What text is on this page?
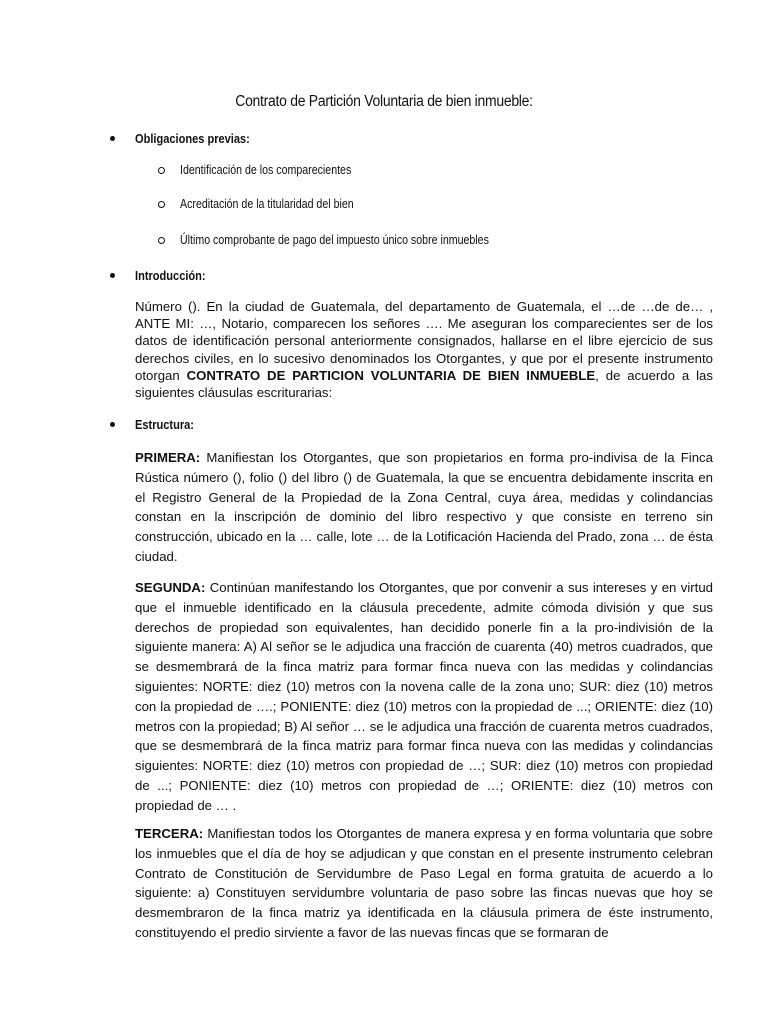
Contrato de Partición Voluntaria de bien inmueble:
Obligaciones previas:
Identificación de los comparecientes
Acreditación de la titularidad del bien
Último comprobante de pago del impuesto único sobre inmuebles
Introducción:
Número (). En la ciudad de Guatemala, del departamento de Guatemala, el …de …de de… , ANTE MI: …, Notario, comparecen los señores …. Me aseguran los comparecientes ser de los datos de identificación personal anteriormente consignados, hallarse en el libre ejercicio de sus derechos civiles, en lo sucesivo denominados los Otorgantes, y que por el presente instrumento otorgan CONTRATO DE PARTICION VOLUNTARIA DE BIEN INMUEBLE, de acuerdo a las siguientes cláusulas escriturarias:
Estructura:
PRIMERA: Manifiestan los Otorgantes, que son propietarios en forma pro-indivisa de la Finca Rústica número (), folio () del libro () de Guatemala, la que se encuentra debidamente inscrita en el Registro General de la Propiedad de la Zona Central, cuya área, medidas y colindancias constan en la inscripción de dominio del libro respectivo y que consiste en terreno sin construcción, ubicado en la … calle, lote … de la Lotificación Hacienda del Prado, zona … de ésta ciudad.
SEGUNDA: Continúan manifestando los Otorgantes, que por convenir a sus intereses y en virtud que el inmueble identificado en la cláusula precedente, admite cómoda división y que sus derechos de propiedad son equivalentes, han decidido ponerle fin a la pro-indivisión de la siguiente manera: A) Al señor se le adjudica una fracción de cuarenta (40) metros cuadrados, que se desmembrará de la finca matriz para formar finca nueva con las medidas y colindancias siguientes: NORTE: diez (10) metros con la novena calle de la zona uno; SUR: diez (10) metros con la propiedad de ….; PONIENTE: diez (10) metros con la propiedad de ...; ORIENTE: diez (10) metros con la propiedad; B) Al señor … se le adjudica una fracción de cuarenta metros cuadrados, que se desmembrará de la finca matriz para formar finca nueva con las medidas y colindancias siguientes: NORTE: diez (10) metros con propiedad de …; SUR: diez (10) metros con propiedad de ...; PONIENTE: diez (10) metros con propiedad de …; ORIENTE: diez (10) metros con propiedad de … .
TERCERA: Manifiestan todos los Otorgantes de manera expresa y en forma voluntaria que sobre los inmuebles que el día de hoy se adjudican y que constan en el presente instrumento celebran Contrato de Constitución de Servidumbre de Paso Legal en forma gratuita de acuerdo a lo siguiente: a) Constituyen servidumbre voluntaria de paso sobre las fincas nuevas que hoy se desmembraron de la finca matriz ya identificada en la cláusula primera de éste instrumento, constituyendo el predio sirviente a favor de las nuevas fincas que se formaran de
